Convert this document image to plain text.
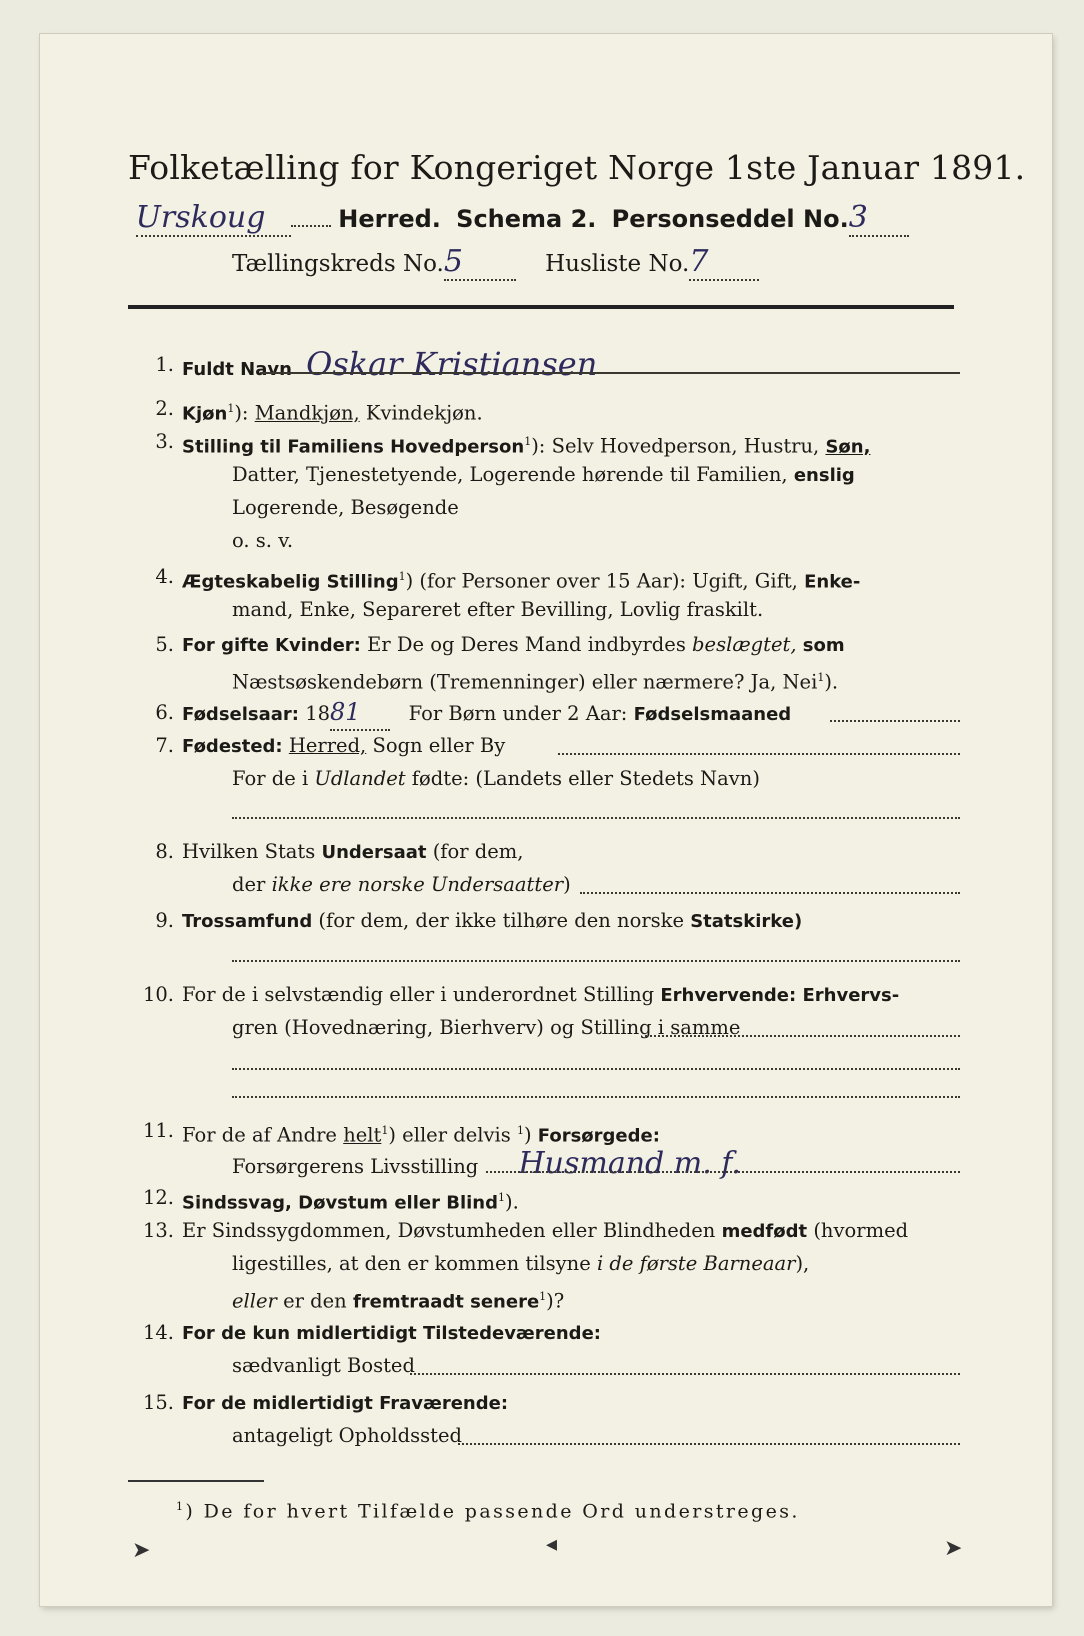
Folketælling for Kongeriget Norge 1ste Januar 1891.
Urskoug	Herred. Schema 2. Personseddel No.3
Tællingskreds No.5	Husliste No.7
1. Fuldt Navn Oskar Kristiansen
2. Kjøn$^1$): Mandkjøn, Kvindekjøn.
3. Stilling til Familiens Hovedperson$^1$): Selv Hovedperson, Hustru, Søn,
Datter, Tjenestetyende, Logerende hørende til Familien, enslig
Logerende, Besøgende
o. s. v.
4. Ægteskabelig Stilling$^1$) (for Personer over 15 Aar): Ugift, Gift, Enke-
mand, Enke, Separeret efter Bevilling, Lovlig fraskilt.
5. For gifte Kvinder: Er De og Deres Mand indbyrdes beslægtet, som
Næstsøskendebørn (Tremenninger) eller nærmere? Ja, Nei$^1$).
6. Fødselsaar: 1881 For Børn under 2 Aar: Fødselsmaaned
7. Fødested: Herred, Sogn eller By
For de i Udlandet fødte: (Landets eller Stedets Navn)
8. Hvilken Stats Undersaat (for dem,
der ikke ere norske Undersaatter)
9. Trossamfund (for dem, der ikke tilhøre den norske Statskirke)
10. For de i selvstændig eller i underordnet Stilling Erhvervende: Erhvervs-
gren (Hovednæring, Bierhverv) og Stilling i samme
11. For de af Andre helt$^1$) eller delvis $^1$) Forsørgede:
Forsørgerens Livsstilling Husmand m. f.
12. Sindssvag, Døvstum eller Blind$^1$).
13. Er Sindssygdommen, Døvstumheden eller Blindheden medfødt (hvormed
ligestilles, at den er kommen tilsyne i de første Barneaar),
eller er den fremtraadt senere$^1$)?
14. For de kun midlertidigt Tilstedeværende:
sædvanligt Bosted
15. For de midlertidigt Fraværende:
antageligt Opholdssted
$^1$) De for hvert Tilfælde passende Ord understreges.
➤	◂	➤
